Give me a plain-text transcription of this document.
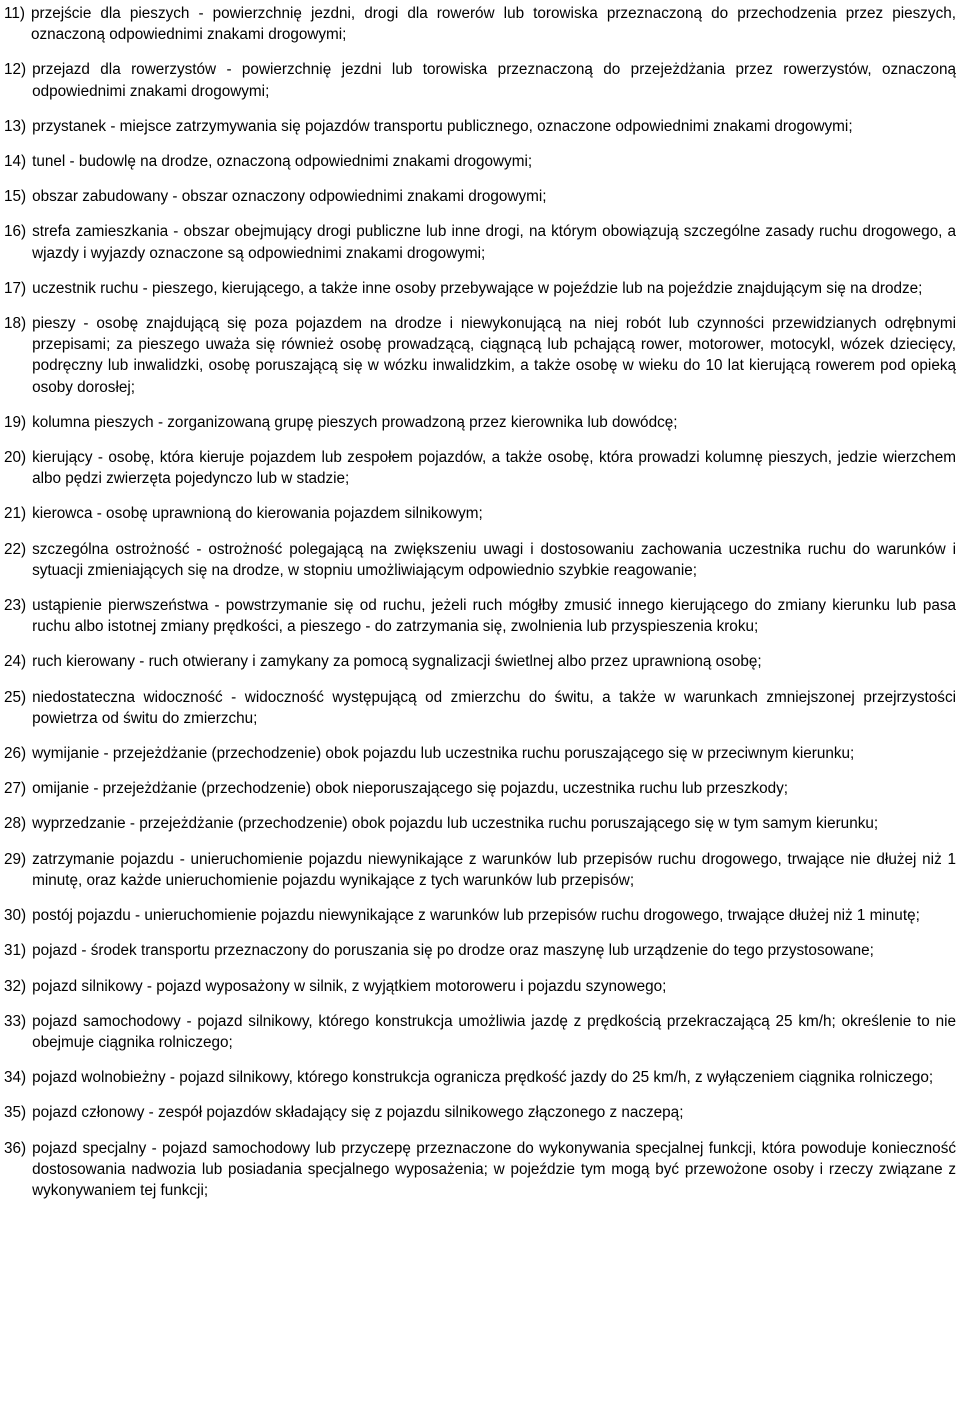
11) przejście dla pieszych - powierzchnię jezdni, drogi dla rowerów lub torowiska przeznaczoną do przechodzenia przez pieszych, oznaczoną odpowiednimi znakami drogowymi;
12) przejazd dla rowerzystów - powierzchnię jezdni lub torowiska przeznaczoną do przejeżdżania przez rowerzystów, oznaczoną odpowiednimi znakami drogowymi;
13) przystanek - miejsce zatrzymywania się pojazdów transportu publicznego, oznaczone odpowiednimi znakami drogowymi;
14) tunel - budowlę na drodze, oznaczoną odpowiednimi znakami drogowymi;
15) obszar zabudowany - obszar oznaczony odpowiednimi znakami drogowymi;
16) strefa zamieszkania - obszar obejmujący drogi publiczne lub inne drogi, na którym obowiązują szczególne zasady ruchu drogowego, a wjazdy i wyjazdy oznaczone są odpowiednimi znakami drogowymi;
17) uczestnik ruchu - pieszego, kierującego, a także inne osoby przebywające w pojeździe lub na pojeździe znajdującym się na drodze;
18) pieszy - osobę znajdującą się poza pojazdem na drodze i niewykonującą na niej robót lub czynności przewidzianych odrębnymi przepisami; za pieszego uważa się również osobę prowadzącą, ciągnącą lub pchającą rower, motorower, motocykl, wózek dziecięcy, podręczny lub inwalidzki, osobę poruszającą się w wózku inwalidzkim, a także osobę w wieku do 10 lat kierującą rowerem pod opieką osoby dorosłej;
19) kolumna pieszych - zorganizowaną grupę pieszych prowadzoną przez kierownika lub dowódcę;
20) kierujący - osobę, która kieruje pojazdem lub zespołem pojazdów, a także osobę, która prowadzi kolumnę pieszych, jedzie wierzchem albo pędzi zwierzęta pojedynczo lub w stadzie;
21) kierowca - osobę uprawnioną do kierowania pojazdem silnikowym;
22) szczególna ostrożność - ostrożność polegającą na zwiększeniu uwagi i dostosowaniu zachowania uczestnika ruchu do warunków i sytuacji zmieniających się na drodze, w stopniu umożliwiającym odpowiednio szybkie reagowanie;
23) ustąpienie pierwszeństwa - powstrzymanie się od ruchu, jeżeli ruch mógłby zmusić innego kierującego do zmiany kierunku lub pasa ruchu albo istotnej zmiany prędkości, a pieszego - do zatrzymania się, zwolnienia lub przyspieszenia kroku;
24) ruch kierowany - ruch otwierany i zamykany za pomocą sygnalizacji świetlnej albo przez uprawnioną osobę;
25) niedostateczna widoczność - widoczność występującą od zmierzchu do świtu, a także w warunkach zmniejszonej przejrzystości powietrza od świtu do zmierzchu;
26) wymijanie - przejeżdżanie (przechodzenie) obok pojazdu lub uczestnika ruchu poruszającego się w przeciwnym kierunku;
27) omijanie - przejeżdżanie (przechodzenie) obok nieporuszającego się pojazdu, uczestnika ruchu lub przeszkody;
28) wyprzedzanie - przejeżdżanie (przechodzenie) obok pojazdu lub uczestnika ruchu poruszającego się w tym samym kierunku;
29) zatrzymanie pojazdu - unieruchomienie pojazdu niewynikające z warunków lub przepisów ruchu drogowego, trwające nie dłużej niż 1 minutę, oraz każde unieruchomienie pojazdu wynikające z tych warunków lub przepisów;
30) postój pojazdu - unieruchomienie pojazdu niewynikające z warunków lub przepisów ruchu drogowego, trwające dłużej niż 1 minutę;
31) pojazd - środek transportu przeznaczony do poruszania się po drodze oraz maszynę lub urządzenie do tego przystosowane;
32) pojazd silnikowy - pojazd wyposażony w silnik, z wyjątkiem motoroweru i pojazdu szynowego;
33) pojazd samochodowy - pojazd silnikowy, którego konstrukcja umożliwia jazdę z prędkością przekraczającą 25 km/h; określenie to nie obejmuje ciągnika rolniczego;
34) pojazd wolnobieżny - pojazd silnikowy, którego konstrukcja ogranicza prędkość jazdy do 25 km/h, z wyłączeniem ciągnika rolniczego;
35) pojazd członowy - zespół pojazdów składający się z pojazdu silnikowego złączonego z naczepą;
36) pojazd specjalny - pojazd samochodowy lub przyczepę przeznaczone do wykonywania specjalnej funkcji, która powoduje konieczność dostosowania nadwozia lub posiadania specjalnego wyposażenia; w pojeździe tym mogą być przewożone osoby i rzeczy związane z wykonywaniem tej funkcji;
